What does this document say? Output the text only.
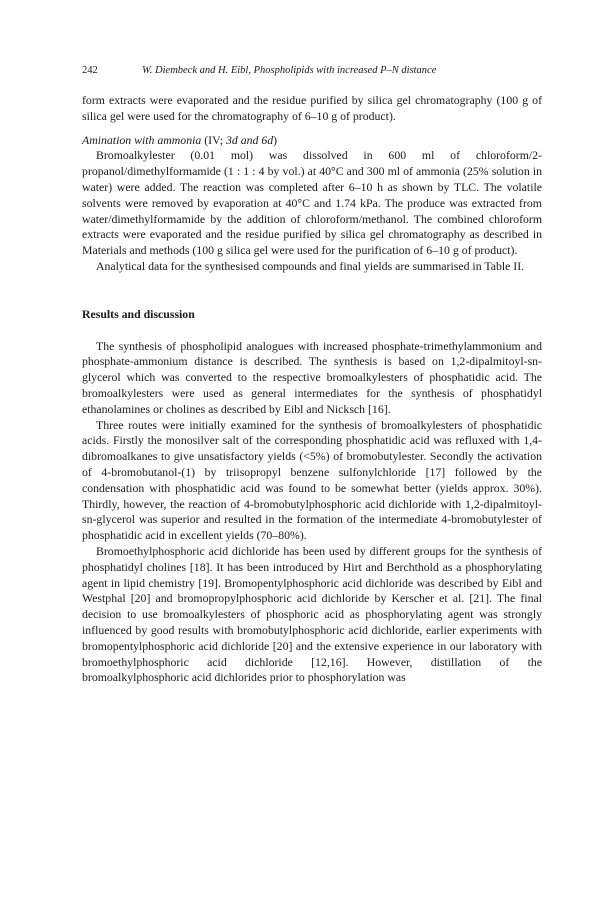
242	W. Diembeck and H. Eibl, Phospholipids with increased P–N distance

form extracts were evaporated and the residue purified by silica gel chromatography (100 g of silica gel were used for the chromatography of 6–10 g of product).

Amination with ammonia (IV; 3d and 6d)

Bromoalkylester (0.01 mol) was dissolved in 600 ml of chloroform/2-propanol/dimethylformamide (1 : 1 : 4 by vol.) at 40°C and 300 ml of ammonia (25% solution in water) were added. The reaction was completed after 6–10 h as shown by TLC. The volatile solvents were removed by evaporation at 40°C and 1.74 kPa. The produce was extracted from water/dimethylformamide by the addition of chloroform/methanol. The combined chloroform extracts were evaporated and the residue purified by silica gel chromatography as described in Materials and methods (100 g silica gel were used for the purification of 6–10 g of product).

Analytical data for the synthesised compounds and final yields are summarised in Table II.

Results and discussion

The synthesis of phospholipid analogues with increased phosphate-trimethylammonium and phosphate-ammonium distance is described. The synthesis is based on 1,2-dipalmitoyl-sn-glycerol which was converted to the respective bromoalkylesters of phosphatidic acid. The bromoalkylesters were used as general intermediates for the synthesis of phosphatidyl ethanolamines or cholines as described by Eibl and Nicksch [16].

Three routes were initially examined for the synthesis of bromoalkylesters of phosphatidic acids. Firstly the monosilver salt of the corresponding phosphatidic acid was refluxed with 1,4-dibromoalkanes to give unsatisfactory yields (<5%) of bromobutylester. Secondly the activation of 4-bromobutanol-(1) by triisopropyl benzene sulfonylchloride [17] followed by the condensation with phosphatidic acid was found to be somewhat better (yields approx. 30%). Thirdly, however, the reaction of 4-bromobutylphosphoric acid dichloride with 1,2-dipalmitoyl-sn-glycerol was superior and resulted in the formation of the intermediate 4-bromobutylester of phosphatidic acid in excellent yields (70–80%).

Bromoethylphosphoric acid dichloride has been used by different groups for the synthesis of phosphatidyl cholines [18]. It has been introduced by Hirt and Berchthold as a phosphorylating agent in lipid chemistry [19]. Bromopentylphosphoric acid dichloride was described by Eibl and Westphal [20] and bromopropylphosphoric acid dichloride by Kerscher et al. [21]. The final decision to use bromoalkylesters of phosphoric acid as phosphorylating agent was strongly influenced by good results with bromobutylphosphoric acid dichloride, earlier experiments with bromopentylphosphoric acid dichloride [20] and the extensive experience in our laboratory with bromoethylphosphoric acid dichloride [12,16]. However, distillation of the bromoalkylphosphoric acid dichlorides prior to phosphorylation was
